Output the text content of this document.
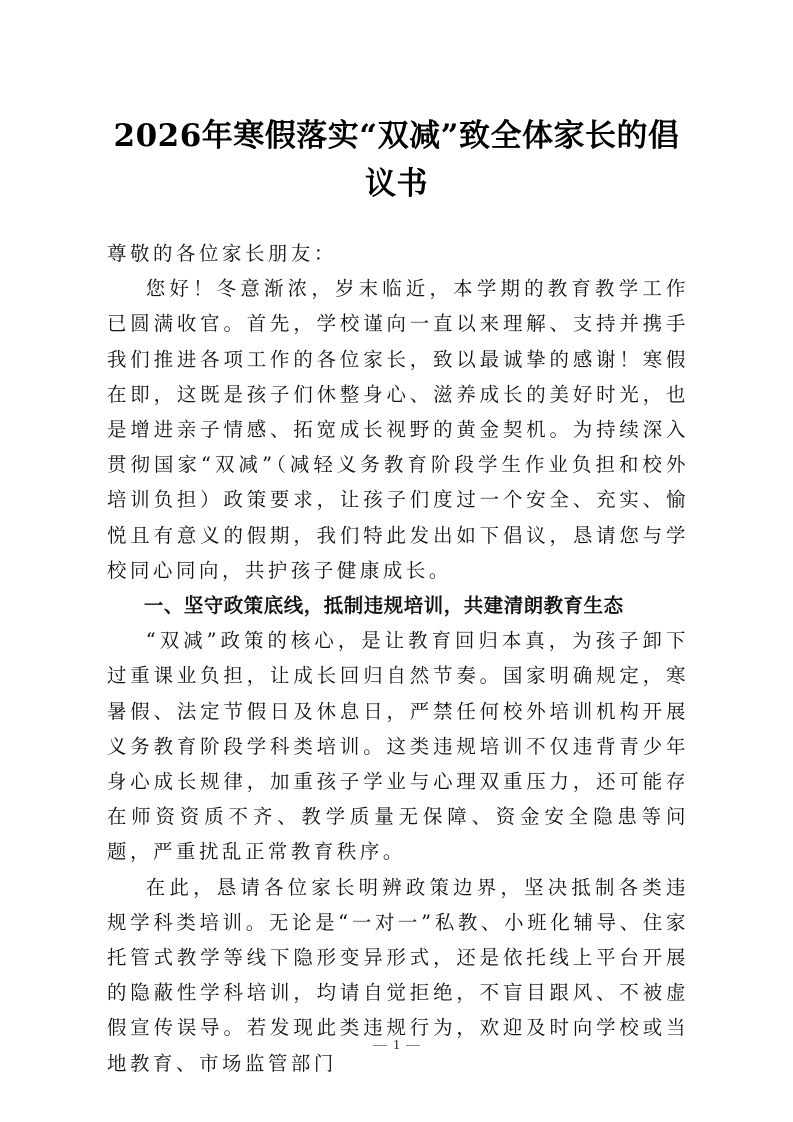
2026年寒假落实“双减”致全体家长的倡议书

尊敬的各位家长朋友：

您好！冬意渐浓，岁末临近，本学期的教育教学工作已圆满收官。首先，学校谨向一直以来理解、支持并携手我们推进各项工作的各位家长，致以最诚挚的感谢！寒假在即，这既是孩子们休整身心、滋养成长的美好时光，也是增进亲子情感、拓宽成长视野的黄金契机。为持续深入贯彻国家“双减”（减轻义务教育阶段学生作业负担和校外培训负担）政策要求，让孩子们度过一个安全、充实、愉悦且有意义的假期，我们特此发出如下倡议，恳请您与学校同心同向，共护孩子健康成长。

一、坚守政策底线，抵制违规培训，共建清朗教育生态

“双减”政策的核心，是让教育回归本真，为孩子卸下过重课业负担，让成长回归自然节奏。国家明确规定，寒暑假、法定节假日及休息日，严禁任何校外培训机构开展义务教育阶段学科类培训。这类违规培训不仅违背青少年身心成长规律，加重孩子学业与心理双重压力，还可能存在师资资质不齐、教学质量无保障、资金安全隐患等问题，严重扰乱正常教育秩序。

在此，恳请各位家长明辨政策边界，坚决抵制各类违规学科类培训。无论是“一对一”私教、小班化辅导、住家托管式教学等线下隐形变异形式，还是依托线上平台开展的隐蔽性学科培训，均请自觉拒绝，不盲目跟风、不被虚假宣传误导。若发现此类违规行为，欢迎及时向学校或当地教育、市场监管部门

1
